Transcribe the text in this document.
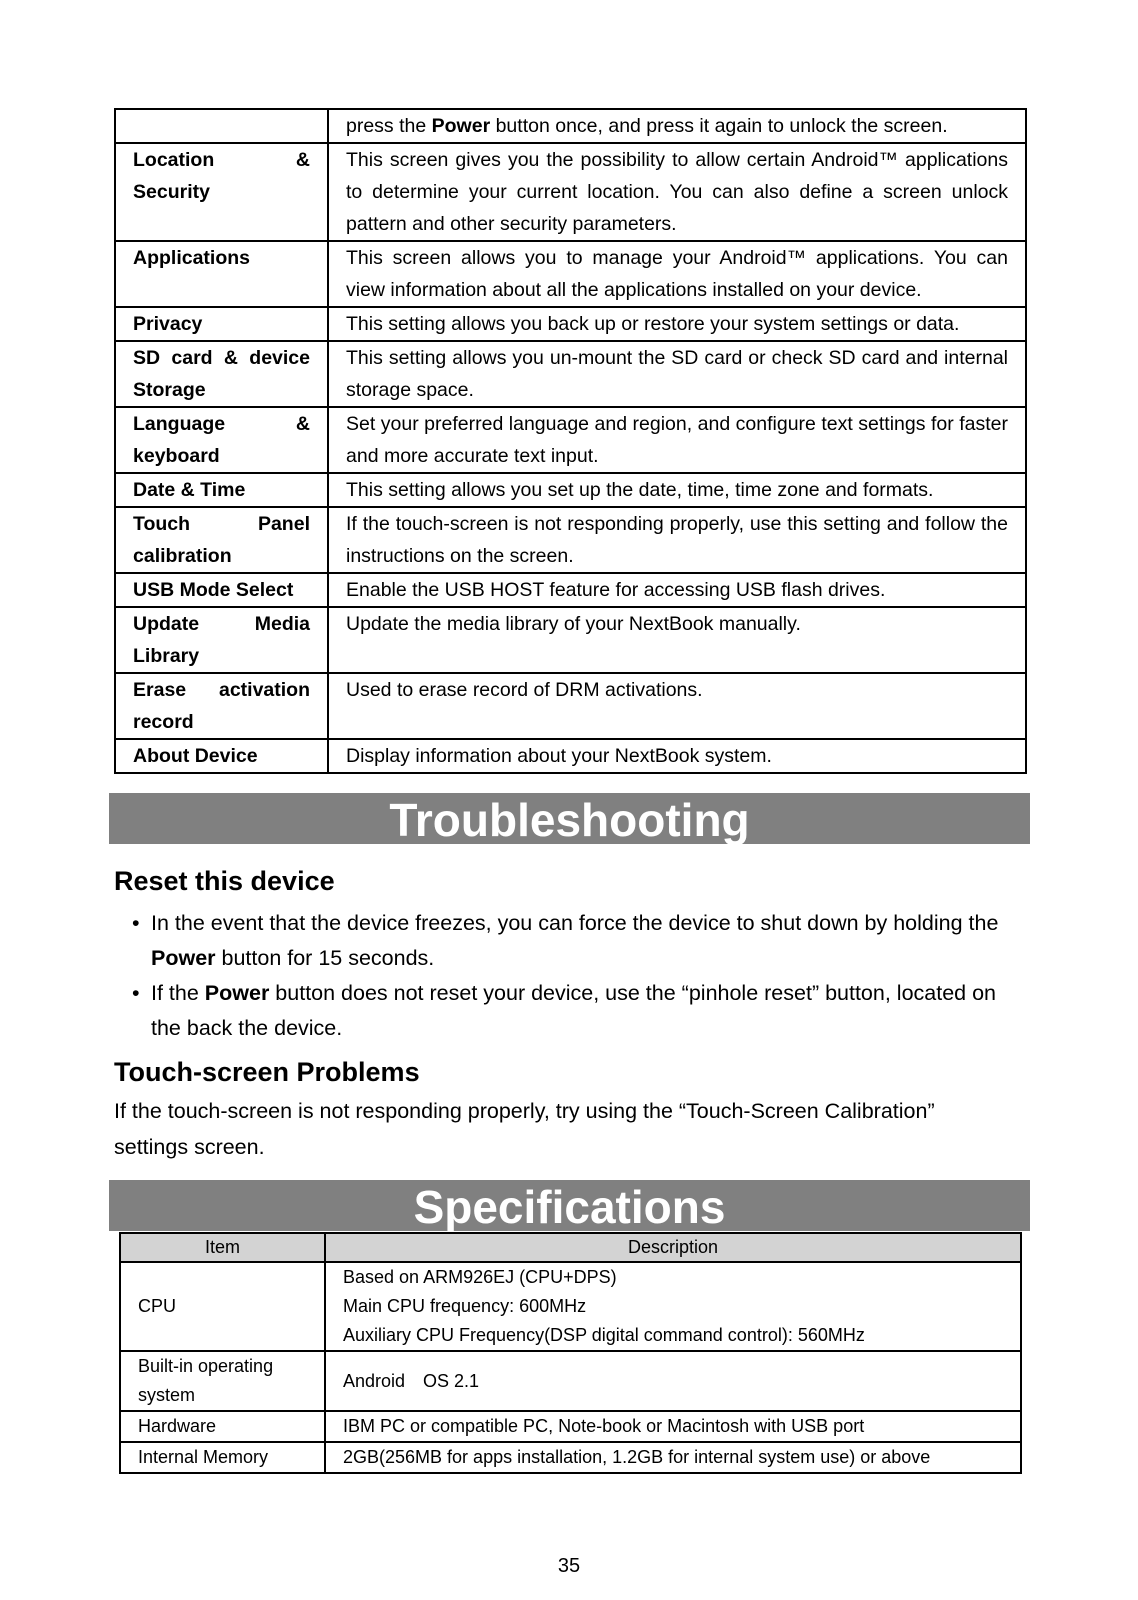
	press the Power button once, and press it again to unlock the screen.
Location & Security	This screen gives you the possibility to allow certain Android™ applications to determine your current location. You can also define a screen unlock pattern and other security parameters.
Applications	This screen allows you to manage your Android™ applications. You can view information about all the applications installed on your device.
Privacy	This setting allows you back up or restore your system settings or data.
SD card & device Storage	This setting allows you un-mount the SD card or check SD card and internal storage space.
Language & keyboard	Set your preferred language and region, and configure text settings for faster and more accurate text input.
Date & Time	This setting allows you set up the date, time, time zone and formats.
Touch Panel calibration	If the touch-screen is not responding properly, use this setting and follow the instructions on the screen.
USB Mode Select	Enable the USB HOST feature for accessing USB flash drives.
Update Media Library	Update the media library of your NextBook manually.
Erase activation record	Used to erase record of DRM activations.
About Device	Display information about your NextBook system.
Troubleshooting
Reset this device
• In the event that the device freezes, you can force the device to shut down by holding the Power button for 15 seconds.
• If the Power button does not reset your device, use the “pinhole reset” button, located on the back the device.
Touch-screen Problems

If the touch-screen is not responding properly, try using the “Touch-Screen Calibration” settings screen.

Specifications
Item	Description

CPU	Based on ARM926EJ (CPU+DPS)
Main CPU frequency: 600MHz
Auxiliary CPU Frequency(DSP digital command control): 560MHz

Built-in operating system	Android　OS 2.1

Hardware	IBM PC or compatible PC, Note-book or Macintosh with USB port

Internal Memory	2GB(256MB for apps installation, 1.2GB for internal system use) or above
35
